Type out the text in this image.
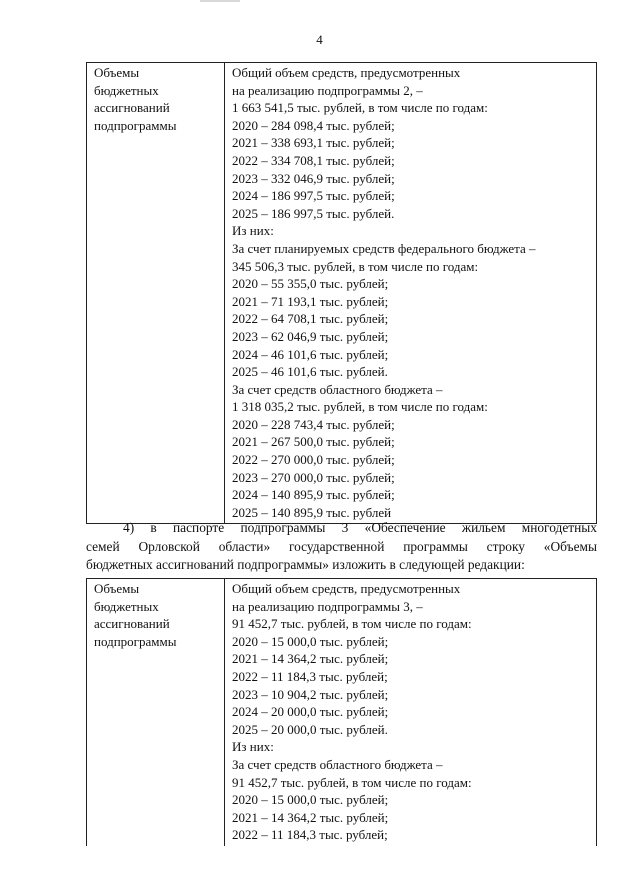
4
Объемы
бюджетных
ассигнований
подпрограммы

Общий объем средств, предусмотренных
на реализацию подпрограммы 2, –
1 663 541,5 тыс. рублей, в том числе по годам:
2020 – 284 098,4 тыс. рублей;
2021 – 338 693,1 тыс. рублей;
2022 – 334 708,1 тыс. рублей;
2023 – 332 046,9 тыс. рублей;
2024 – 186 997,5 тыс. рублей;
2025 – 186 997,5 тыс. рублей.
Из них:
За счет планируемых средств федерального бюджета –
345 506,3 тыс. рублей, в том числе по годам:
2020 – 55 355,0 тыс. рублей;
2021 – 71 193,1 тыс. рублей;
2022 – 64 708,1 тыс. рублей;
2023 – 62 046,9 тыс. рублей;
2024 – 46 101,6 тыс. рублей;
2025 – 46 101,6 тыс. рублей.
За счет средств областного бюджета –
1 318 035,2 тыс. рублей, в том числе по годам:
2020 – 228 743,4 тыс. рублей;
2021 – 267 500,0 тыс. рублей;
2022 – 270 000,0 тыс. рублей;
2023 – 270 000,0 тыс. рублей;
2024 – 140 895,9 тыс. рублей;
2025 – 140 895,9 тыс. рублей
4) в паспорте подпрограммы 3 «Обеспечение жильем многодетных
семей Орловской области» государственной программы строку «Объемы
бюджетных ассигнований подпрограммы» изложить в следующей редакции:
Объемы
бюджетных
ассигнований
подпрограммы

Общий объем средств, предусмотренных
на реализацию подпрограммы 3, –
91 452,7 тыс. рублей, в том числе по годам:
2020 – 15 000,0 тыс. рублей;
2021 – 14 364,2 тыс. рублей;
2022 – 11 184,3 тыс. рублей;
2023 – 10 904,2 тыс. рублей;
2024 – 20 000,0 тыс. рублей;
2025 – 20 000,0 тыс. рублей.
Из них:
За счет средств областного бюджета –
91 452,7 тыс. рублей, в том числе по годам:
2020 – 15 000,0 тыс. рублей;
2021 – 14 364,2 тыс. рублей;
2022 – 11 184,3 тыс. рублей;
